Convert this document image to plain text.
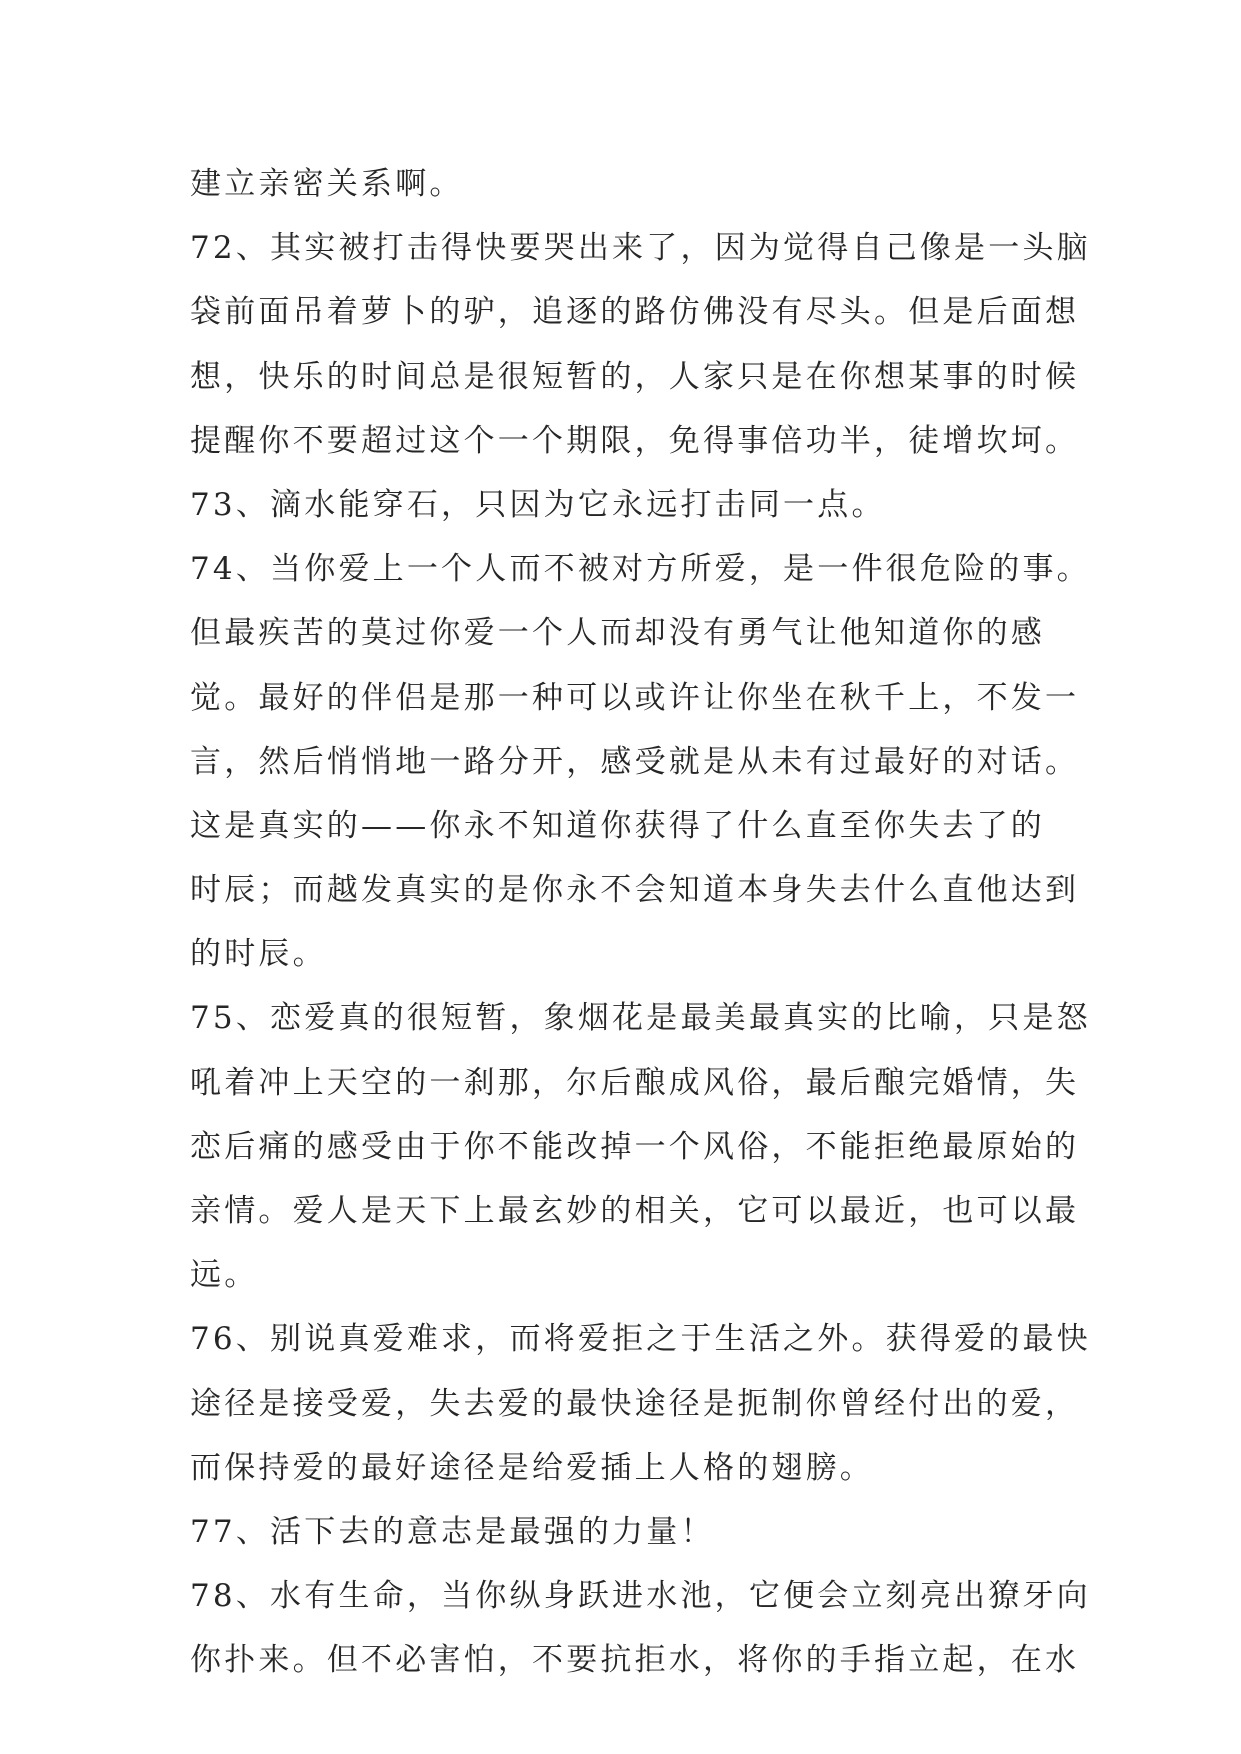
建立亲密关系啊。
72、其实被打击得快要哭出来了，因为觉得自己像是一头脑
袋前面吊着萝卜的驴，追逐的路仿佛没有尽头。但是后面想
想，快乐的时间总是很短暂的，人家只是在你想某事的时候
提醒你不要超过这个一个期限，免得事倍功半，徒增坎坷。
73、滴水能穿石，只因为它永远打击同一点。
74、当你爱上一个人而不被对方所爱，是一件很危险的事。
但最疾苦的莫过你爱一个人而却没有勇气让他知道你的感
觉。最好的伴侣是那一种可以或许让你坐在秋千上，不发一
言，然后悄悄地一路分开，感受就是从未有过最好的对话。
这是真实的——你永不知道你获得了什么直至你失去了的
时辰；而越发真实的是你永不会知道本身失去什么直他达到
的时辰。
75、恋爱真的很短暂，象烟花是最美最真实的比喻，只是怒
吼着冲上天空的一刹那，尔后酿成风俗，最后酿完婚情，失
恋后痛的感受由于你不能改掉一个风俗，不能拒绝最原始的
亲情。爱人是天下上最玄妙的相关，它可以最近，也可以最
远。
76、别说真爱难求，而将爱拒之于生活之外。获得爱的最快
途径是接受爱，失去爱的最快途径是扼制你曾经付出的爱，
而保持爱的最好途径是给爱插上人格的翅膀。
77、活下去的意志是最强的力量！
78、水有生命，当你纵身跃进水池，它便会立刻亮出獠牙向
你扑来。但不必害怕，不要抗拒水，将你的手指立起，在水
